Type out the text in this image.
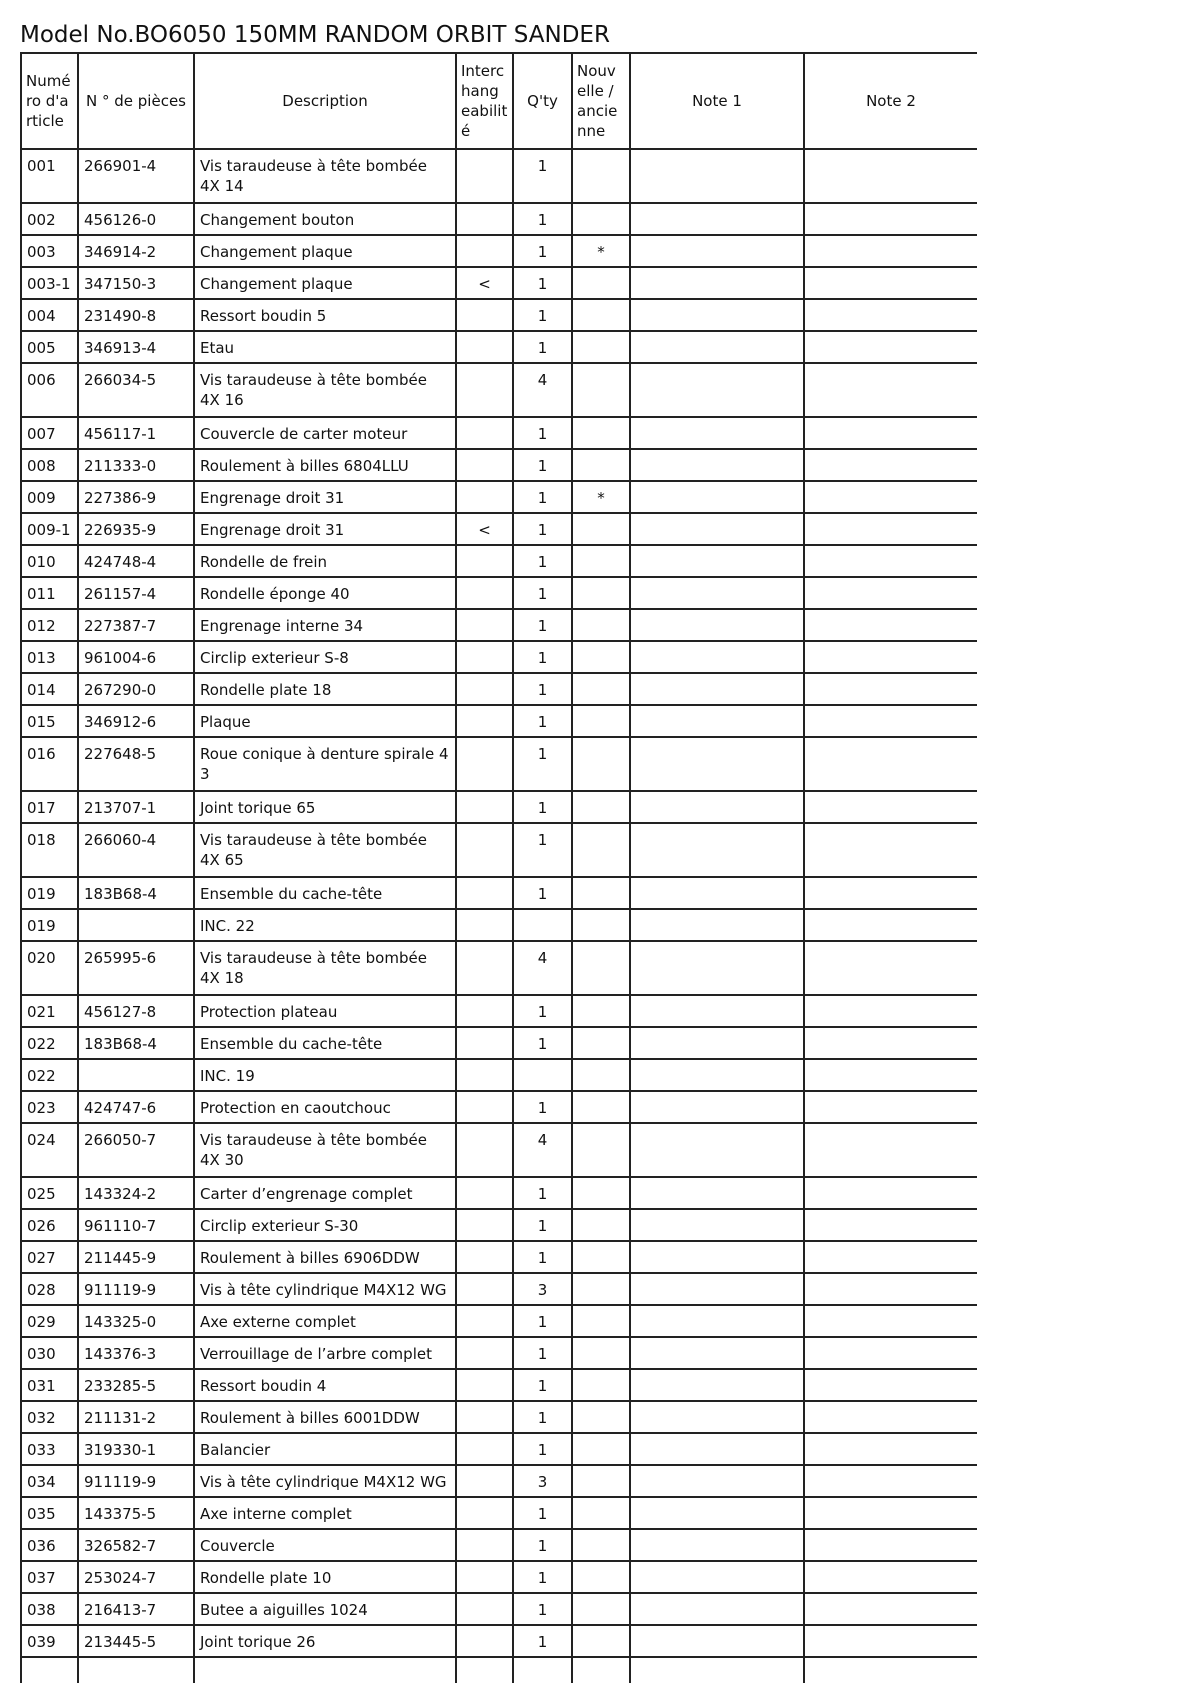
Model No.BO6050 150MM RANDOM ORBIT SANDER
Numé ro d'a rticle	N ° de pièces	Description	Interc hang eabilit é	Q'ty	Nouv elle / ancie nne	Note 1	Note 2
001	266901-4	Vis taraudeuse à tête bombée 4X 14		1			
002	456126-0	Changement bouton		1			
003	346914-2	Changement plaque		1	*		
003-1	347150-3	Changement plaque	<	1			
004	231490-8	Ressort boudin 5		1			
005	346913-4	Etau		1			
006	266034-5	Vis taraudeuse à tête bombée 4X 16		4			
007	456117-1	Couvercle de carter moteur		1			
008	211333-0	Roulement à billes 6804LLU		1			
009	227386-9	Engrenage droit 31		1	*		
009-1	226935-9	Engrenage droit 31	<	1			
010	424748-4	Rondelle de frein		1			
011	261157-4	Rondelle éponge 40		1			
012	227387-7	Engrenage interne 34		1			
013	961004-6	Circlip exterieur S-8		1			
014	267290-0	Rondelle plate 18		1			
015	346912-6	Plaque		1			
016	227648-5	Roue conique à denture spirale 4 3		1			
017	213707-1	Joint torique 65		1			
018	266060-4	Vis taraudeuse à tête bombée 4X 65		1			
019	183B68-4	Ensemble du cache-tête		1			
019		INC. 22					
020	265995-6	Vis taraudeuse à tête bombée 4X 18		4			
021	456127-8	Protection plateau		1			
022	183B68-4	Ensemble du cache-tête		1			
022		INC. 19					
023	424747-6	Protection en caoutchouc		1			
024	266050-7	Vis taraudeuse à tête bombée 4X 30		4			
025	143324-2	Carter d’engrenage complet		1			
026	961110-7	Circlip exterieur S-30		1			
027	211445-9	Roulement à billes 6906DDW		1			
028	911119-9	Vis à tête cylindrique M4X12 WG		3			
029	143325-0	Axe externe complet		1			
030	143376-3	Verrouillage de l’arbre complet		1			
031	233285-5	Ressort boudin 4		1			
032	211131-2	Roulement à billes 6001DDW		1			
033	319330-1	Balancier		1			
034	911119-9	Vis à tête cylindrique M4X12 WG		3			
035	143375-5	Axe interne complet		1			
036	326582-7	Couvercle		1			
037	253024-7	Rondelle plate 10		1			
038	216413-7	Butee a aiguilles 1024		1			
039	213445-5	Joint torique 26		1			
